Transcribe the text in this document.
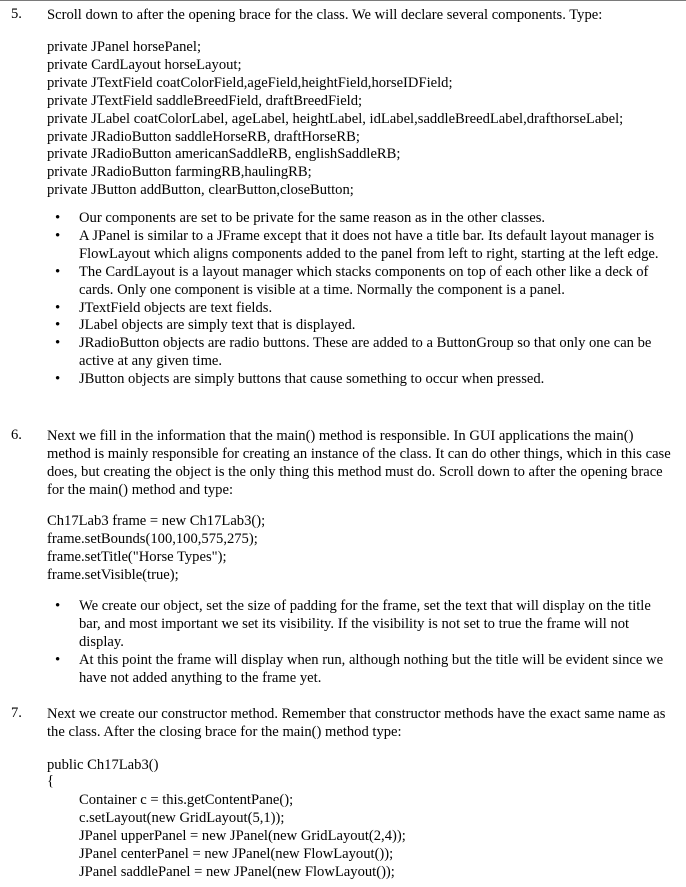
5.	Scroll down to after the opening brace for the class. We will declare several components. Type:
private JPanel horsePanel;
private CardLayout horseLayout;
private JTextField coatColorField,ageField,heightField,horseIDField;
private JTextField saddleBreedField, draftBreedField;
private JLabel coatColorLabel, ageLabel, heightLabel, idLabel,saddleBreedLabel,drafthorseLabel;
private JRadioButton saddleHorseRB, draftHorseRB;
private JRadioButton americanSaddleRB, englishSaddleRB;
private JRadioButton farmingRB,haulingRB;
private JButton addButton, clearButton,closeButton;
• Our components are set to be private for the same reason as in the other classes.
• A JPanel is similar to a JFrame except that it does not have a title bar. Its default layout manager is FlowLayout which aligns components added to the panel from left to right, starting at the left edge.
• The CardLayout is a layout manager which stacks components on top of each other like a deck of cards. Only one component is visible at a time. Normally the component is a panel.
• JTextField objects are text fields.
• JLabel objects are simply text that is displayed.
• JRadioButton objects are radio buttons. These are added to a ButtonGroup so that only one can be active at any given time.
• JButton objects are simply buttons that cause something to occur when pressed.
6.	Next we fill in the information that the main() method is responsible. In GUI applications the main() method is mainly responsible for creating an instance of the class. It can do other things, which in this case does, but creating the object is the only thing this method must do. Scroll down to after the opening brace for the main() method and type:
Ch17Lab3 frame = new Ch17Lab3();
frame.setBounds(100,100,575,275);
frame.setTitle("Horse Types");
frame.setVisible(true);
• We create our object, set the size of padding for the frame, set the text that will display on the title bar, and most important we set its visibility. If the visibility is not set to true the frame will not display.
• At this point the frame will display when run, although nothing but the title will be evident since we have not added anything to the frame yet.
7.	Next we create our constructor method. Remember that constructor methods have the exact same name as the class. After the closing brace for the main() method type:
public Ch17Lab3()
{
Container c = this.getContentPane();
c.setLayout(new GridLayout(5,1));
JPanel upperPanel = new JPanel(new GridLayout(2,4));
JPanel centerPanel = new JPanel(new FlowLayout());
JPanel saddlePanel = new JPanel(new FlowLayout());
